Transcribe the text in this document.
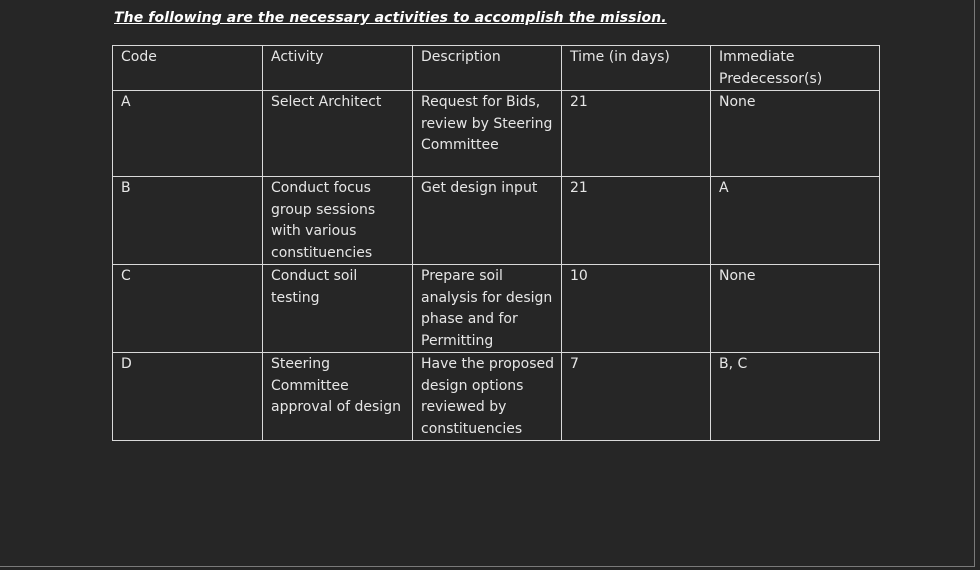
The following are the necessary activities to accomplish the mission.
Code	Activity	Description	Time (in days)	Immediate Predecessor(s)
A	Select Architect	Request for Bids, review by Steering Committee	21	None
B	Conduct focus group sessions with various constituencies	Get design input	21	A
C	Conduct soil testing	Prepare soil analysis for design phase and for Permitting	10	None
D	Steering Committee approval of design	Have the proposed design options reviewed by constituencies	7	B, C
